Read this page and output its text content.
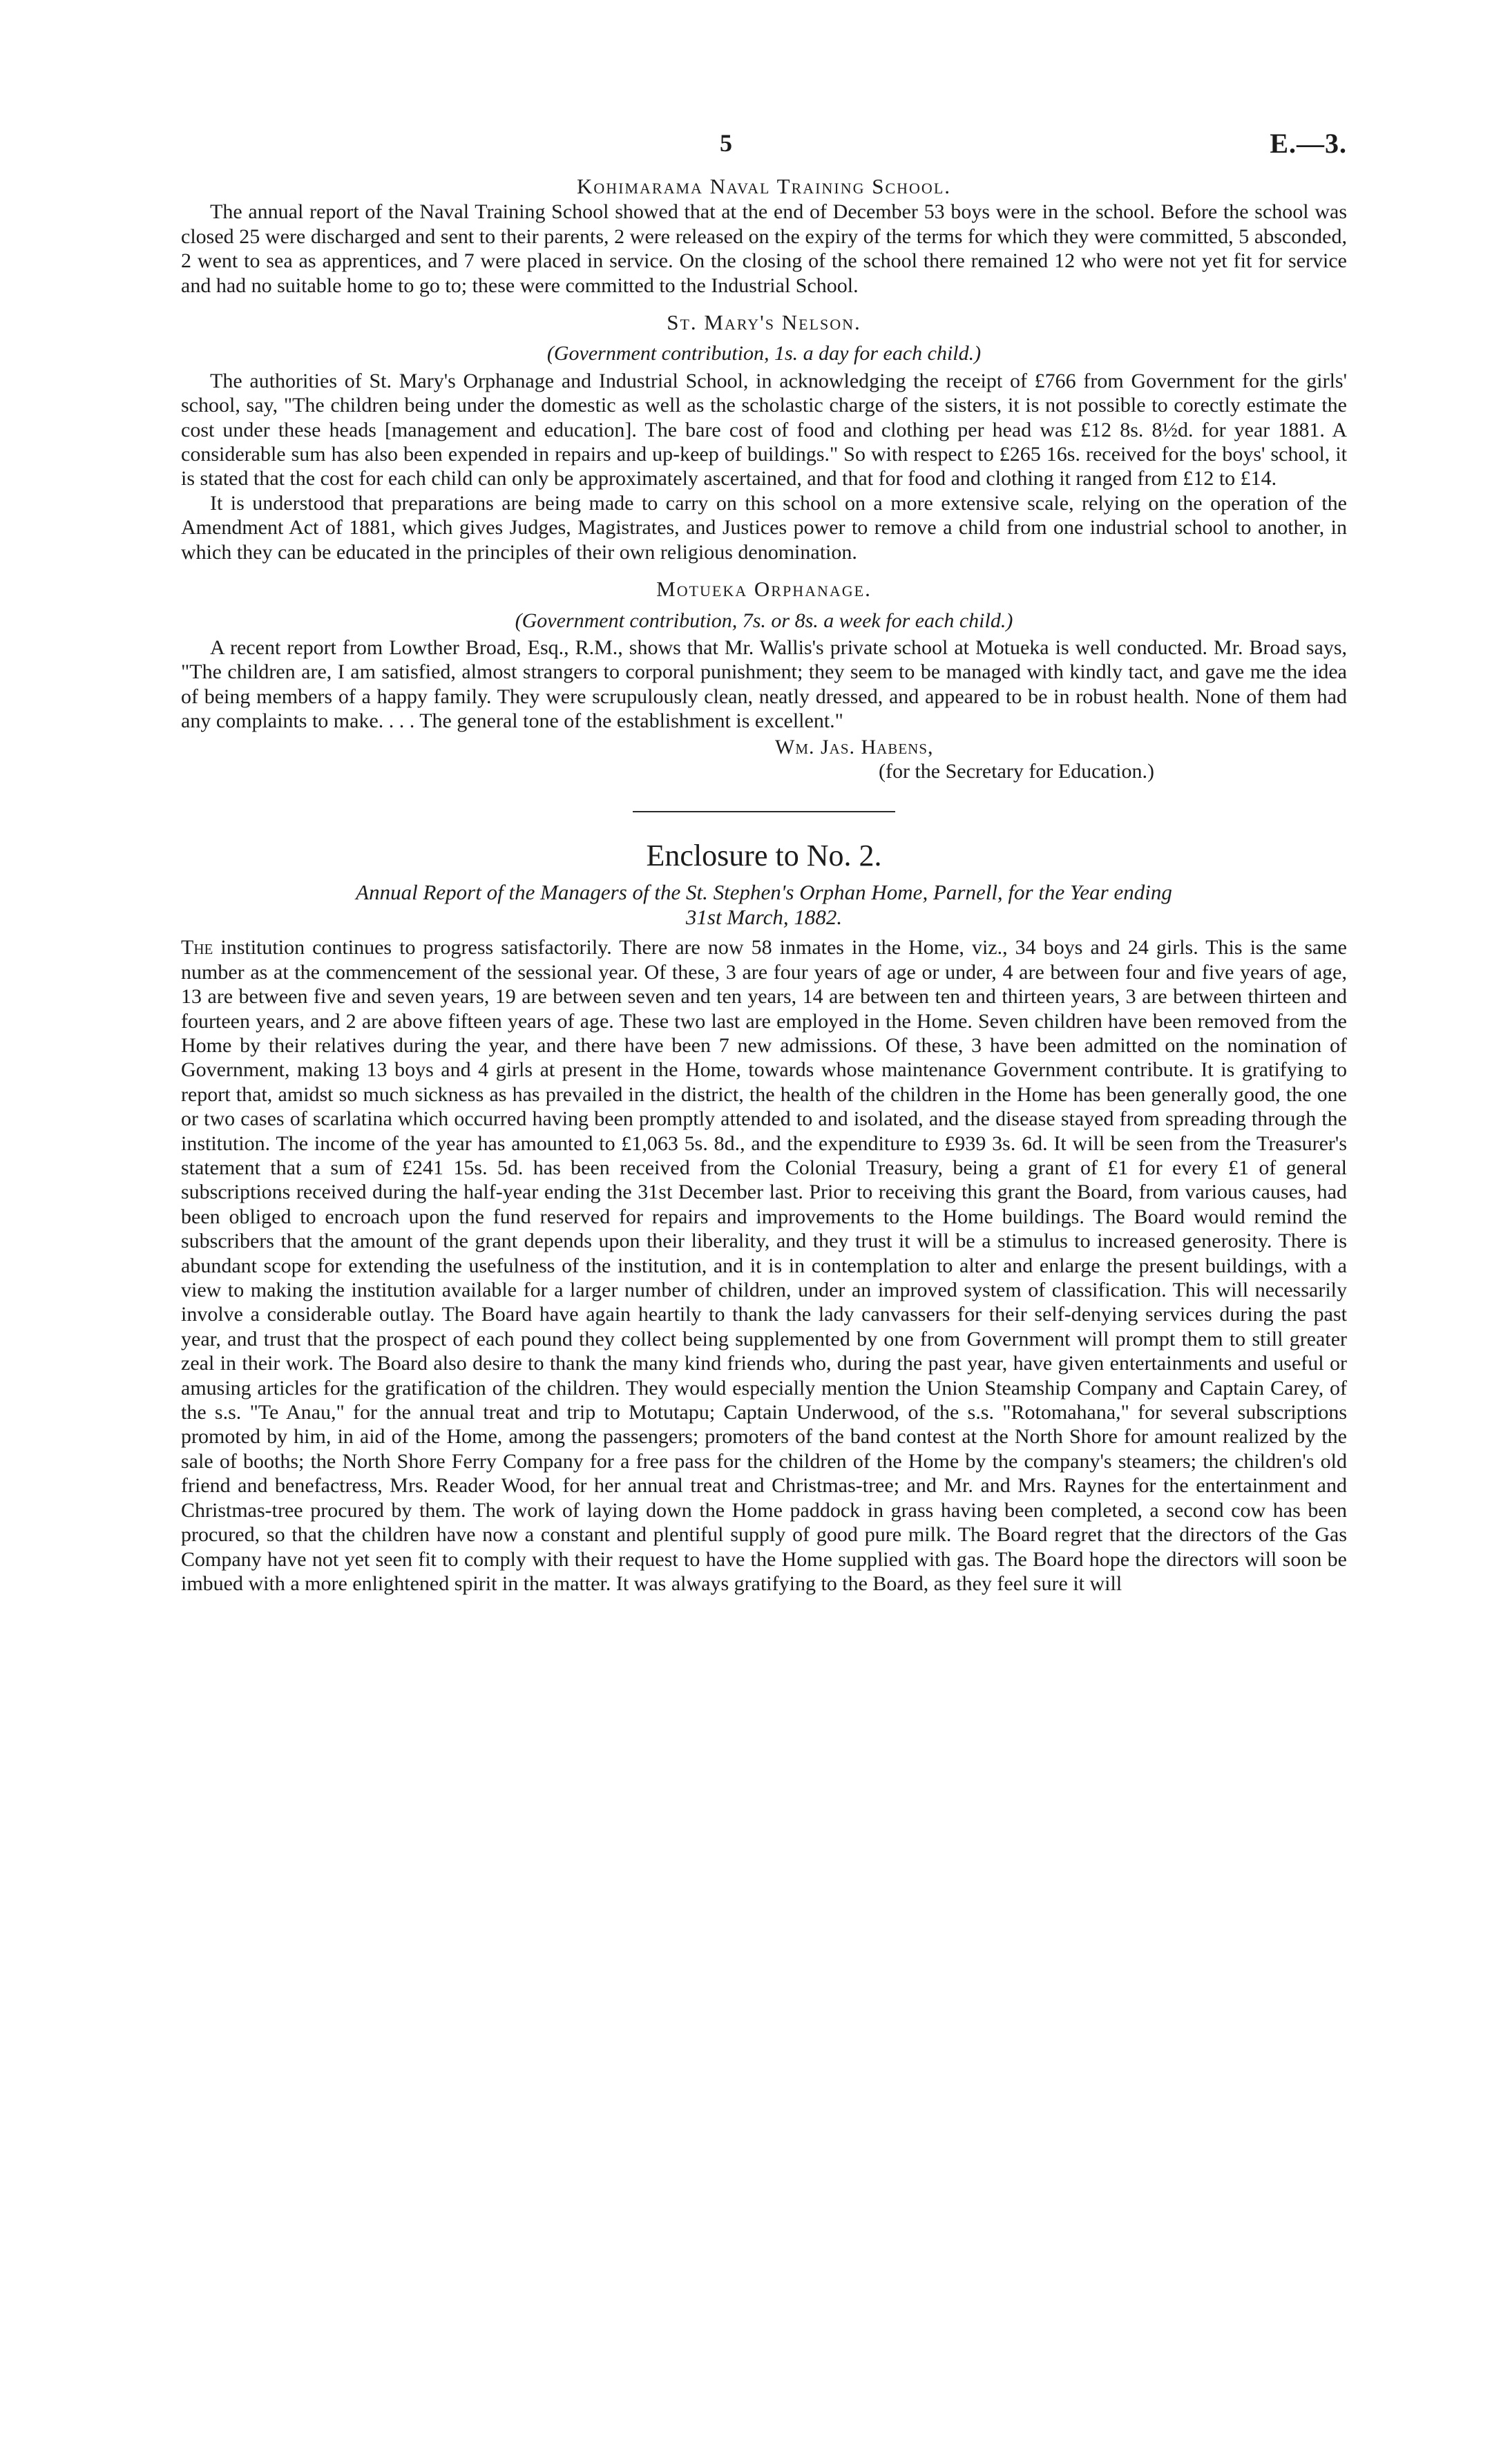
5	E.—3.
Kohimarama Naval Training School.

The annual report of the Naval Training School showed that at the end of December 53 boys were in the school. Before the school was closed 25 were discharged and sent to their parents, 2 were released on the expiry of the terms for which they were committed, 5 absconded, 2 went to sea as apprentices, and 7 were placed in service. On the closing of the school there remained 12 who were not yet fit for service and had no suitable home to go to; these were committed to the Industrial School.

St. Mary's Nelson.
(Government contribution, 1s. a day for each child.)

The authorities of St. Mary's Orphanage and Industrial School, in acknowledging the receipt of £766 from Government for the girls' school, say, "The children being under the domestic as well as the scholastic charge of the sisters, it is not possible to corectly estimate the cost under these heads [management and education]. The bare cost of food and clothing per head was £12 8s. 8½d. for year 1881. A considerable sum has also been expended in repairs and up-keep of buildings." So with respect to £265 16s. received for the boys' school, it is stated that the cost for each child can only be approximately ascertained, and that for food and clothing it ranged from £12 to £14.

It is understood that preparations are being made to carry on this school on a more extensive scale, relying on the operation of the Amendment Act of 1881, which gives Judges, Magistrates, and Justices power to remove a child from one industrial school to another, in which they can be educated in the principles of their own religious denomination.

Motueka Orphanage.
(Government contribution, 7s. or 8s. a week for each child.)

A recent report from Lowther Broad, Esq., R.M., shows that Mr. Wallis's private school at Motueka is well conducted. Mr. Broad says, "The children are, I am satisfied, almost strangers to corporal punishment; they seem to be managed with kindly tact, and gave me the idea of being members of a happy family. They were scrupulously clean, neatly dressed, and appeared to be in robust health. None of them had any complaints to make. . . . The general tone of the establishment is excellent."

Wm. Jas. Habens,
(for the Secretary for Education.)
Enclosure to No. 2.
Annual Report of the Managers of the St. Stephen's Orphan Home, Parnell, for the Year ending
31st March, 1882.

The institution continues to progress satisfactorily. There are now 58 inmates in the Home, viz., 34 boys and 24 girls. This is the same number as at the commencement of the sessional year. Of these, 3 are four years of age or under, 4 are between four and five years of age, 13 are between five and seven years, 19 are between seven and ten years, 14 are between ten and thirteen years, 3 are between thirteen and fourteen years, and 2 are above fifteen years of age. These two last are employed in the Home. Seven children have been removed from the Home by their relatives during the year, and there have been 7 new admissions. Of these, 3 have been admitted on the nomination of Government, making 13 boys and 4 girls at present in the Home, towards whose maintenance Government contribute. It is gratifying to report that, amidst so much sickness as has prevailed in the district, the health of the children in the Home has been generally good, the one or two cases of scarlatina which occurred having been promptly attended to and isolated, and the disease stayed from spreading through the institution. The income of the year has amounted to £1,063 5s. 8d., and the expenditure to £939 3s. 6d. It will be seen from the Treasurer's statement that a sum of £241 15s. 5d. has been received from the Colonial Treasury, being a grant of £1 for every £1 of general subscriptions received during the half-year ending the 31st December last. Prior to receiving this grant the Board, from various causes, had been obliged to encroach upon the fund reserved for repairs and improvements to the Home buildings. The Board would remind the subscribers that the amount of the grant depends upon their liberality, and they trust it will be a stimulus to increased generosity. There is abundant scope for extending the usefulness of the institution, and it is in contemplation to alter and enlarge the present buildings, with a view to making the institution available for a larger number of children, under an improved system of classification. This will necessarily involve a considerable outlay. The Board have again heartily to thank the lady canvassers for their self-denying services during the past year, and trust that the prospect of each pound they collect being supplemented by one from Government will prompt them to still greater zeal in their work. The Board also desire to thank the many kind friends who, during the past year, have given entertainments and useful or amusing articles for the gratification of the children. They would especially mention the Union Steamship Company and Captain Carey, of the s.s. "Te Anau," for the annual treat and trip to Motutapu; Captain Underwood, of the s.s. "Rotomahana," for several subscriptions promoted by him, in aid of the Home, among the passengers; promoters of the band contest at the North Shore for amount realized by the sale of booths; the North Shore Ferry Company for a free pass for the children of the Home by the company's steamers; the children's old friend and benefactress, Mrs. Reader Wood, for her annual treat and Christmas-tree; and Mr. and Mrs. Raynes for the entertainment and Christmas-tree procured by them. The work of laying down the Home paddock in grass having been completed, a second cow has been procured, so that the children have now a constant and plentiful supply of good pure milk. The Board regret that the directors of the Gas Company have not yet seen fit to comply with their request to have the Home supplied with gas. The Board hope the directors will soon be imbued with a more enlightened spirit in the matter. It was always gratifying to the Board, as they feel sure it will
